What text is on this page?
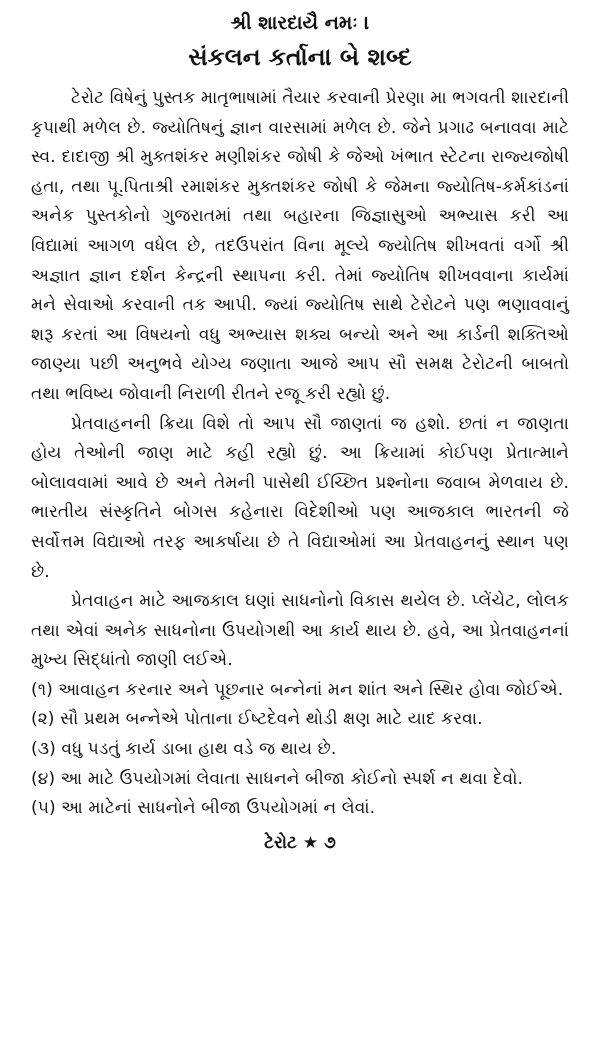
શ્રી શારદાયૈ નમઃ ।
સંકલન કર્તાના બે શબ્દ

ટેરોટ વિષેનું પુસ્તક માતૃભાષામાં તૈયાર કરવાની પ્રેરણા મા ભગવતી શારદાની કૃપાથી મળેલ છે. જ્યોતિષનું જ્ઞાન વારસામાં મળેલ છે. જેને પ્રગાઢ બનાવવા માટે સ્વ. દાદાજી શ્રી મુક્તશંકર મણીશંકર જોષી કે જેઓ ખંભાત સ્ટેટના રાજ્યજોષી હતા, તથા પૂ.પિતાશ્રી રમાશંકર મુક્તશંકર જોષી કે જેમના જ્યોતિષ-કર્મકાંડનાં અનેક પુસ્તકોનો ગુજરાતમાં તથા બહારના જિજ્ઞાસુઓ અભ્યાસ કરી આ વિદ્યામાં આગળ વધેલ છે, તદઉપરાંત વિના મૂલ્યે જ્યોતિષ શીખવતાં વર્ગો શ્રી અજ્ઞાત જ્ઞાન દર્શન કેન્દ્રની સ્થાપના કરી. તેમાં જ્યોતિષ શીખવવાના કાર્યમાં મને સેવાઓ કરવાની તક આપી. જ્યાં જ્યોતિષ સાથે ટેરોટને પણ ભણાવવાનું શરૂ કરતાં આ વિષયનો વધુ અભ્યાસ શક્ય બન્યો અને આ કાર્ડની શક્તિઓ જાણ્યા પછી અનુભવે યોગ્ય જણાતા આજે આપ સૌ સમક્ષ ટેરોટની બાબતો તથા ભવિષ્ય જોવાની નિરાળી રીતને રજૂ કરી રહ્યો છું.

પ્રેતવાહનની ક્રિયા વિશે તો આપ સૌ જાણતાં જ હશો. છતાં ન જાણતા હોય તેઓની જાણ માટે કહી રહ્યો છું. આ ક્રિયામાં કોઈપણ પ્રેતાત્માને બોલાવવામાં આવે છે અને તેમની પાસેથી ઈચ્છિત પ્રશ્નોના જવાબ મેળવાય છે. ભારતીય સંસ્કૃતિને બોગસ કહેનારા વિદેશીઓ પણ આજકાલ ભારતની જે સર્વોત્તમ વિદ્યાઓ તરફ આકર્ષાયા છે તે વિદ્યાઓમાં આ પ્રેતવાહનનું સ્થાન પણ છે.

પ્રેતવાહન માટે આજકાલ ઘણાં સાધનોનો વિકાસ થયેલ છે. પ્લેંચેટ, લોલક તથા એવાં અનેક સાધનોના ઉપયોગથી આ કાર્ય થાય છે. હવે, આ પ્રેતવાહનનાં મુખ્ય સિદ્ધાંતો જાણી લઈએ.

(૧) આવાહન કરનાર અને પૂછનાર બન્નેનાં મન શાંત અને સ્થિર હોવા જોઈએ.

(૨) સૌ પ્રથમ બન્નેએ પોતાના ઈષ્ટદેવને થોડી ક્ષણ માટે યાદ કરવા.

(૩) વધુ પડતું કાર્ય ડાબા હાથ વડે જ થાય છે.

(૪) આ માટે ઉપયોગમાં લેવાતા સાધનને બીજા કોઈનો સ્પર્શ ન થવા દેવો.

(૫) આ માટેનાં સાધનોને બીજા ઉપયોગમાં ન લેવાં.

ટેરોટ ★ ૭
